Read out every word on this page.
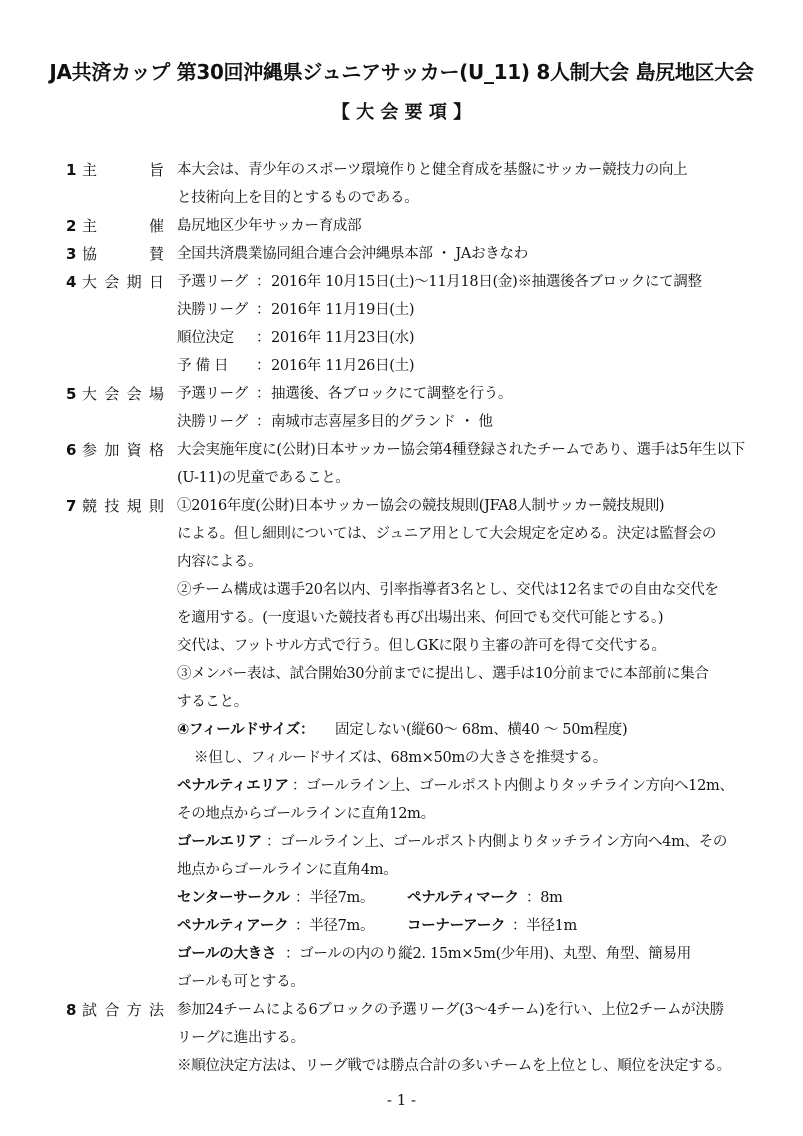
JA共済カップ 第30回沖縄県ジュニアサッカー(U_11) 8人制大会 島尻地区大会
【 大 会 要 項 】
1 主	旨 本大会は、青少年のスポーツ環境作りと健全育成を基盤にサッカー競技力の向上
と技術向上を目的とするものである。
2 主	催 島尻地区少年サッカー育成部
3 協	賛 全国共済農業協同組合連合会沖縄県本部 ・ JAおきなわ
4 大 会 期 日 予選リーグ ： 2016年 10月15日(土)～11月18日(金)※抽選後各ブロックにて調整
決勝リーグ ： 2016年 11月19日(土)
順位決定 ： 2016年 11月23日(水)
予 備 日 ： 2016年 11月26日(土)
5 大 会 会 場 予選リーグ ： 抽選後、各ブロックにて調整を行う。
決勝リーグ ： 南城市志喜屋多目的グランド ・ 他
6 参 加 資 格 大会実施年度に(公財)日本サッカー協会第4種登録されたチームであり、選手は5年生以下
(U-11)の児童であること。
7 競 技 規 則 ①2016年度(公財)日本サッカー協会の競技規則(JFA8人制サッカー競技規則)
による。但し細則については、ジュニア用として大会規定を定める。決定は監督会の
内容による。
②チーム構成は選手20名以内、引率指導者3名とし、交代は12名までの自由な交代を
を適用する。(一度退いた競技者も再び出場出来、何回でも交代可能とする。)
交代は、フットサル方式で行う。但しGKに限り主審の許可を得て交代する。
③メンバー表は、試合開始30分前までに提出し、選手は10分前までに本部前に集合
すること。
④フィールドサイズ： 固定しない(縦60～ 68m、横40 ～ 50m程度)
※但し、フィルードサイズは、68m×50mの大きさを推奨する。
ペナルティエリア ：ゴールライン上、ゴールポスト内側よりタッチライン方向へ12m、
その地点からゴールラインに直角12m。
ゴールエリア ：ゴールライン上、ゴールポスト内側よりタッチライン方向へ4m、その
地点からゴールラインに直角4m。
センターサークル ：半径7m。 ペナルティマーク ：8m
ペナルティアーク ：半径7m。 コーナーアーク ：半径1m
ゴールの大きさ ：ゴールの内のり縦2. 15m×5m(少年用)、丸型、角型、簡易用
ゴールも可とする。
8 試 合 方 法 参加24チームによる6ブロックの予選リーグ(3～4チーム)を行い、上位2チームが決勝
リーグに進出する。
※順位決定方法は、リーグ戦では勝点合計の多いチームを上位とし、順位を決定する。
- 1 -
